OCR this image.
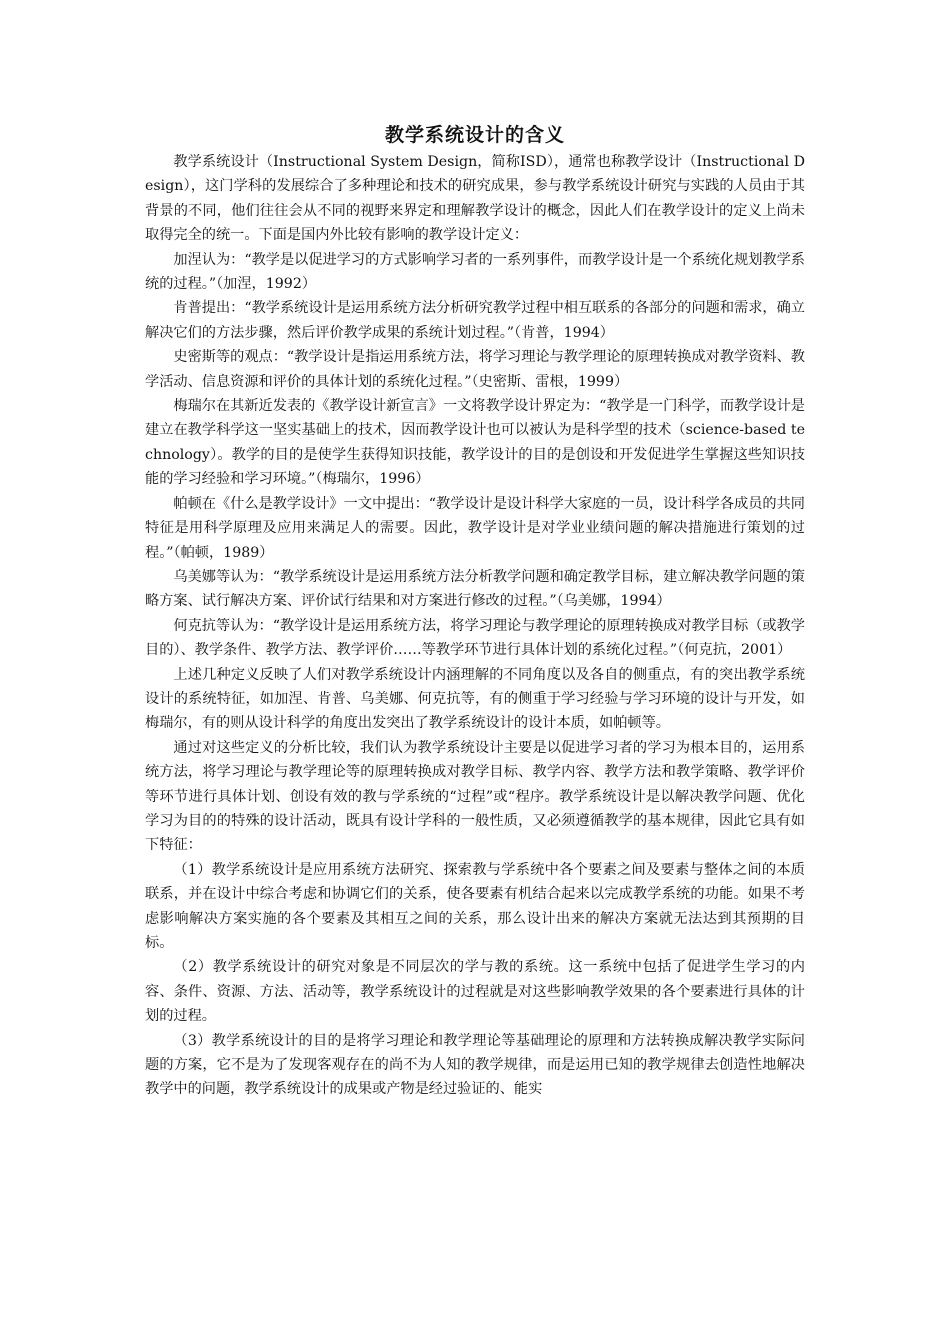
教学系统设计的含义

教学系统设计（Instructional System Design，简称ISD），通常也称教学设计（Instructional Design），这门学科的发展综合了多种理论和技术的研究成果，参与教学系统设计研究与实践的人员由于其背景的不同，他们往往会从不同的视野来界定和理解教学设计的概念，因此人们在教学设计的定义上尚未取得完全的统一。下面是国内外比较有影响的教学设计定义：

加涅认为：“教学是以促进学习的方式影响学习者的一系列事件，而教学设计是一个系统化规划教学系统的过程。”（加涅，1992）

肯普提出：“教学系统设计是运用系统方法分析研究教学过程中相互联系的各部分的问题和需求，确立解决它们的方法步骤，然后评价教学成果的系统计划过程。”（肯普，1994）

史密斯等的观点：“教学设计是指运用系统方法，将学习理论与教学理论的原理转换成对教学资料、教学活动、信息资源和评价的具体计划的系统化过程。”（史密斯、雷根，1999）

梅瑞尔在其新近发表的《教学设计新宣言》一文将教学设计界定为：“教学是一门科学，而教学设计是建立在教学科学这一坚实基础上的技术，因而教学设计也可以被认为是科学型的技术（science-based technology）。教学的目的是使学生获得知识技能，教学设计的目的是创设和开发促进学生掌握这些知识技能的学习经验和学习环境。”（梅瑞尔，1996）

帕顿在《什么是教学设计》一文中提出：“教学设计是设计科学大家庭的一员，设计科学各成员的共同特征是用科学原理及应用来满足人的需要。因此，教学设计是对学业业绩问题的解决措施进行策划的过程。”（帕顿，1989）

乌美娜等认为：“教学系统设计是运用系统方法分析教学问题和确定教学目标，建立解决教学问题的策略方案、试行解决方案、评价试行结果和对方案进行修改的过程。”（乌美娜，1994）

何克抗等认为：“教学设计是运用系统方法，将学习理论与教学理论的原理转换成对教学目标（或教学目的）、教学条件、教学方法、教学评价……等教学环节进行具体计划的系统化过程。”（何克抗，2001）

上述几种定义反映了人们对教学系统设计内涵理解的不同角度以及各自的侧重点，有的突出教学系统设计的系统特征，如加涅、肯普、乌美娜、何克抗等，有的侧重于学习经验与学习环境的设计与开发，如梅瑞尔，有的则从设计科学的角度出发突出了教学系统设计的设计本质，如帕顿等。

通过对这些定义的分析比较，我们认为教学系统设计主要是以促进学习者的学习为根本目的，运用系统方法，将学习理论与教学理论等的原理转换成对教学目标、教学内容、教学方法和教学策略、教学评价等环节进行具体计划、创设有效的教与学系统的“过程”或“程序。教学系统设计是以解决教学问题、优化学习为目的的特殊的设计活动，既具有设计学科的一般性质，又必须遵循教学的基本规律，因此它具有如下特征：

（1）教学系统设计是应用系统方法研究、探索教与学系统中各个要素之间及要素与整体之间的本质联系，并在设计中综合考虑和协调它们的关系，使各要素有机结合起来以完成教学系统的功能。如果不考虑影响解决方案实施的各个要素及其相互之间的关系，那么设计出来的解决方案就无法达到其预期的目标。

（2）教学系统设计的研究对象是不同层次的学与教的系统。这一系统中包括了促进学生学习的内容、条件、资源、方法、活动等，教学系统设计的过程就是对这些影响教学效果的各个要素进行具体的计划的过程。

（3）教学系统设计的目的是将学习理论和教学理论等基础理论的原理和方法转换成解决教学实际问题的方案，它不是为了发现客观存在的尚不为人知的教学规律，而是运用已知的教学规律去创造性地解决教学中的问题，教学系统设计的成果或产物是经过验证的、能实
